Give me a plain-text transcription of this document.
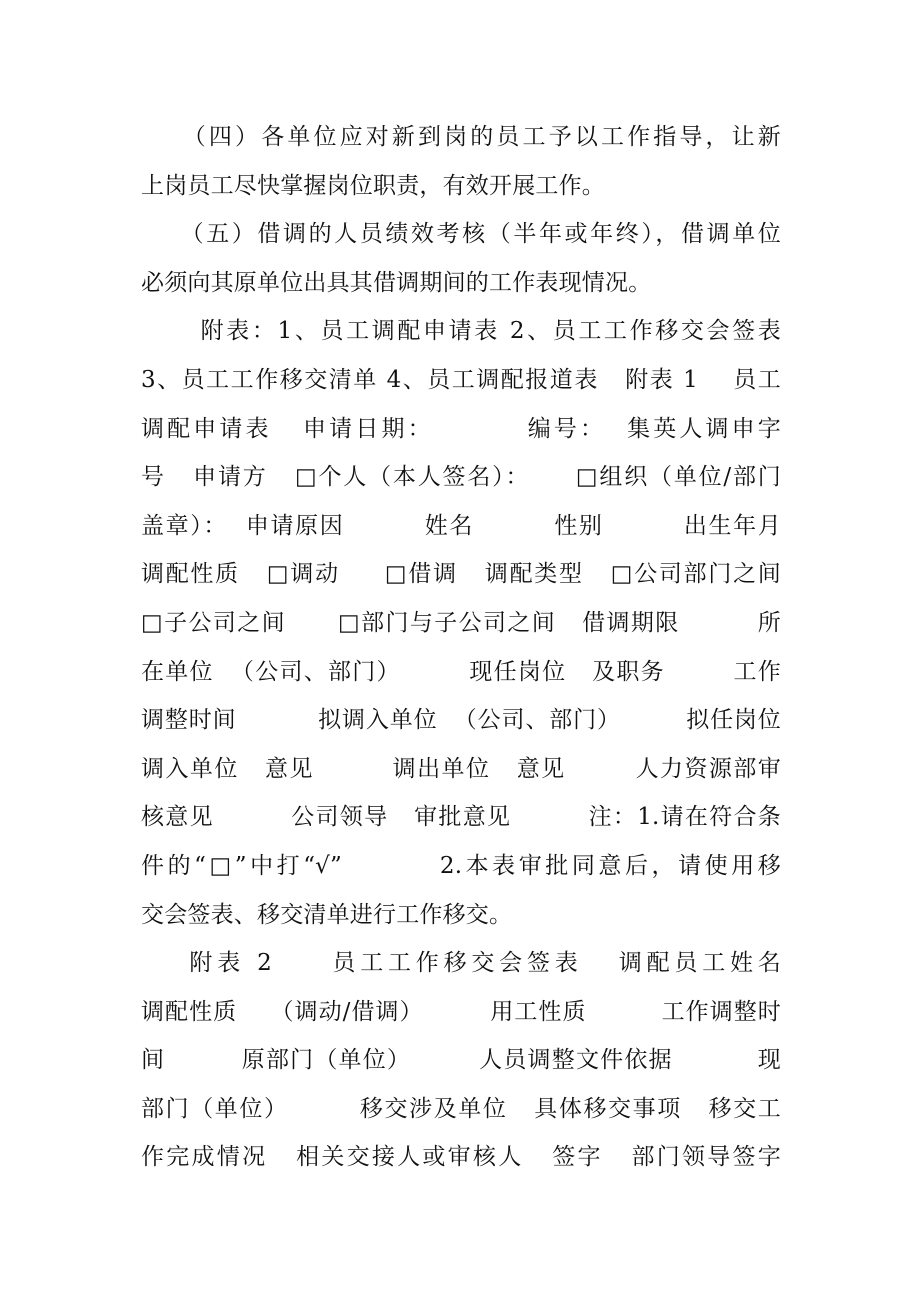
（四）各单位应对新到岗的员工予以工作指导，让新
上岗员工尽快掌握岗位职责，有效开展工作。
（五）借调的人员绩效考核（半年或年终），借调单位
必须向其原单位出具其借调期间的工作表现情况。
附表：1、员工调配申请表 2、员工工作移交会签表
3、员工工作移交清单 4、员工调配报道表   附表 1    员工
调配申请表   申请日期：         编号：  集英人调申字
号   申请方   □个人（本人签名）：     □组织（单位/部门
盖章）：  申请原因         姓名         性别         出生年月
调配性质   □调动     □借调   调配类型   □公司部门之间
□子公司之间      □部门与子公司之间   借调期限         所
在单位  （公司、部门）        现任岗位   及职务        工作
调整时间          拟调入单位  （公司、部门）        拟任岗位
调入单位   意见         调出单位   意见        人力资源部审
核意见         公司领导   审批意见         注：1.请在符合条
件的“□”中打“√”         2.本表审批同意后，请使用移
交会签表、移交清单进行工作移交。
附表 2     员工工作移交会签表   调配员工姓名
调配性质    （调动/借调）        用工性质         工作调整时
间         原部门（单位）        人员调整文件依据          现
部门（单位）        移交涉及单位   具体移交事项   移交工
作完成情况   相关交接人或审核人   签字   部门领导签字
